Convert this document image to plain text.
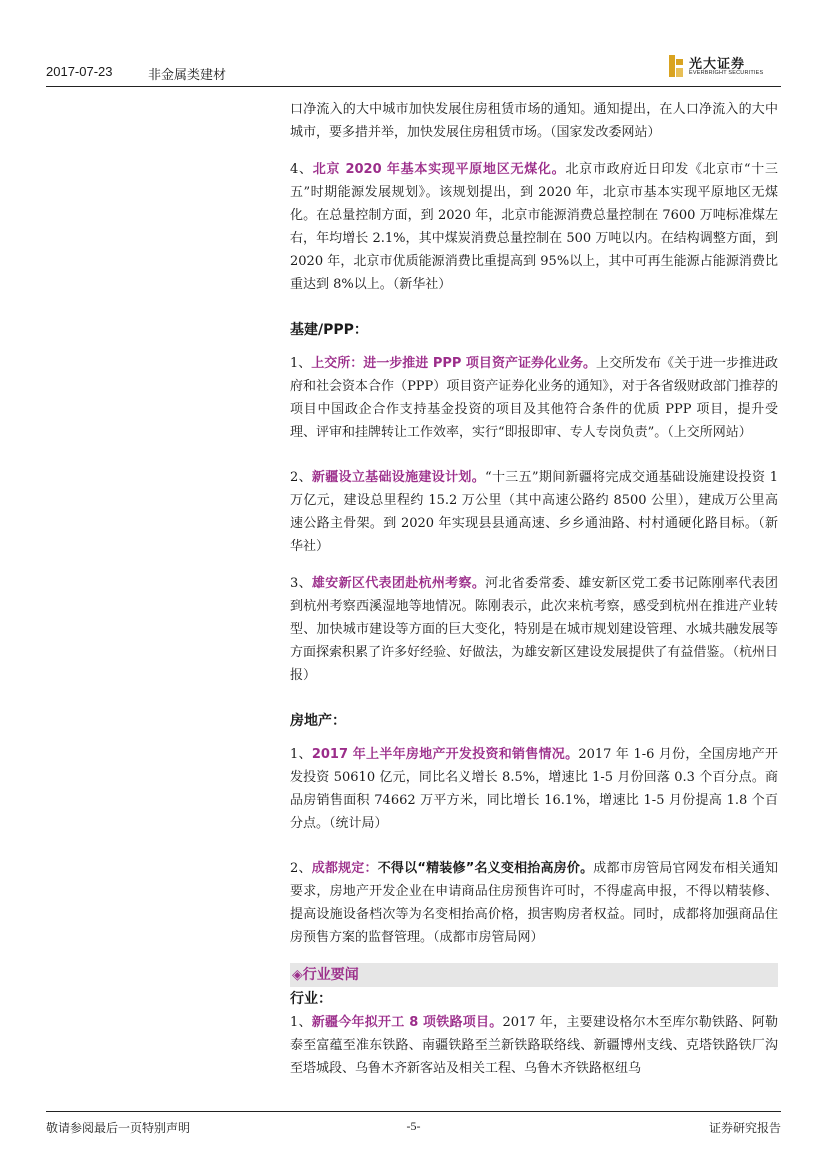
2017-07-23	非金属类建材
光大证券
EVERBRIGHT SECURITIES

口净流入的大中城市加快发展住房租赁市场的通知。通知提出，在人口净流入的大中城市，要多措并举，加快发展住房租赁市场。（国家发改委网站）

4、北京 2020 年基本实现平原地区无煤化。北京市政府近日印发《北京市“十三五”时期能源发展规划》。该规划提出，到 2020 年，北京市基本实现平原地区无煤化。在总量控制方面，到 2020 年，北京市能源消费总量控制在 7600 万吨标准煤左右，年均增长 2.1%，其中煤炭消费总量控制在 500 万吨以内。在结构调整方面，到 2020 年，北京市优质能源消费比重提高到 95%以上，其中可再生能源占能源消费比重达到 8%以上。（新华社）

基建/PPP：

1、上交所：进一步推进 PPP 项目资产证券化业务。上交所发布《关于进一步推进政府和社会资本合作（PPP）项目资产证券化业务的通知》，对于各省级财政部门推荐的项目中国政企合作支持基金投资的项目及其他符合条件的优质 PPP 项目，提升受理、评审和挂牌转让工作效率，实行“即报即审、专人专岗负责”。（上交所网站）

2、新疆设立基础设施建设计划。“十三五”期间新疆将完成交通基础设施建设投资 1 万亿元，建设总里程约 15.2 万公里（其中高速公路约 8500 公里），建成万公里高速公路主骨架。到 2020 年实现县县通高速、乡乡通油路、村村通硬化路目标。（新华社）

3、雄安新区代表团赴杭州考察。河北省委常委、雄安新区党工委书记陈刚率代表团到杭州考察西溪湿地等地情况。陈刚表示，此次来杭考察，感受到杭州在推进产业转型、加快城市建设等方面的巨大变化，特别是在城市规划建设管理、水城共融发展等方面探索积累了许多好经验、好做法，为雄安新区建设发展提供了有益借鉴。（杭州日报）

房地产：

1、2017 年上半年房地产开发投资和销售情况。2017 年 1-6 月份，全国房地产开发投资 50610 亿元，同比名义增长 8.5%，增速比 1-5 月份回落 0.3 个百分点。商品房销售面积 74662 万平方米，同比增长 16.1%，增速比 1-5 月份提高 1.8 个百分点。（统计局）

2、成都规定：不得以“精装修”名义变相抬高房价。成都市房管局官网发布相关通知要求，房地产开发企业在申请商品住房预售许可时，不得虚高申报，不得以精装修、提高设施设备档次等为名变相抬高价格，损害购房者权益。同时，成都将加强商品住房预售方案的监督管理。（成都市房管局网）

◈行业要闻

行业：

1、新疆今年拟开工 8 项铁路项目。2017 年，主要建设格尔木至库尔勒铁路、阿勒泰至富蕴至准东铁路、南疆铁路至兰新铁路联络线、新疆博州支线、克塔铁路铁厂沟至塔城段、乌鲁木齐新客站及相关工程、乌鲁木齐铁路枢纽乌

敬请参阅最后一页特别声明	-5-	证券研究报告
